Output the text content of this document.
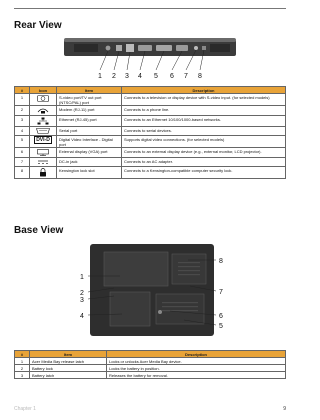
Rear View
1 2 3 4 5 6 7 8
#	Icon	Item	Description
1		S-video port/TV out port (NTSC/PAL) port	Connects to a television or display device with S-video input. (for selected models)
2		Modem (RJ-11) port	Connects to a phone line.
3		Ethernet (RJ-45) port	Connects to an Ethernet 10/100/1000-based networks.
4		Serial port	Connects to serial devices.
5	DVI-D	Digital Video Interface - Digital port	Supports digital video connections. (for selected models)
6		External display (VGA) port	Connects to an external display device (e.g., external monitor, LCD projector).
7		DC-in jack	Connects to an AC adapter.
8		Kensington lock slot	Connects to a Kensington-compatible computer security lock.
Base View
1
2
3
4
5
6
7
8
#	Item	Description
1	Acer Media Bay release latch	Locks or unlocks Acer Media Bay device.
2	Battery lock	Locks the battery in position.
3	Battery latch	Releases the battery for removal.
Chapter 1	9
